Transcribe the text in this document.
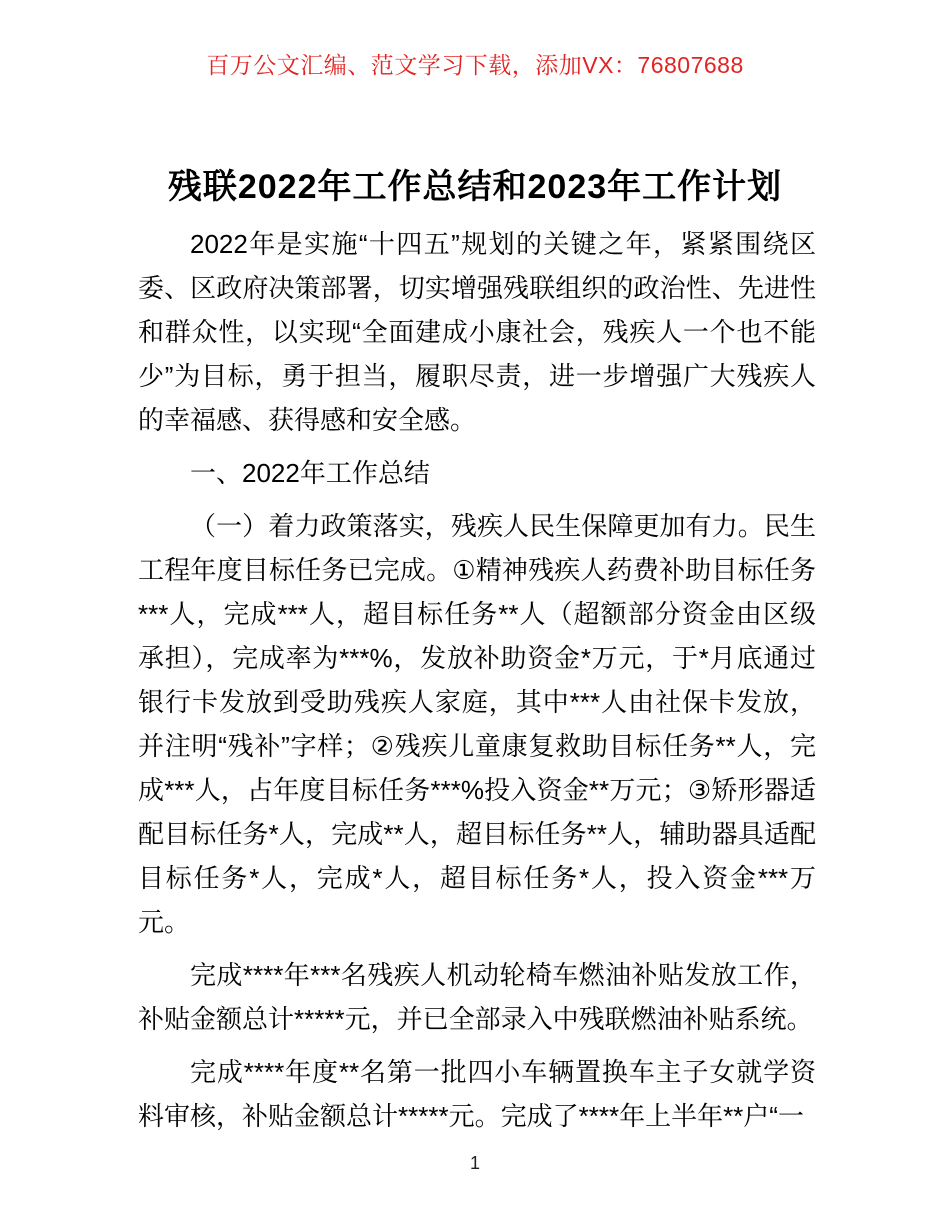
百万公文汇编、范文学习下载，添加VX：76807688
残联2022年工作总结和2023年工作计划

2022年是实施“十四五”规划的关键之年，紧紧围绕区委、区政府决策部署，切实增强残联组织的政治性、先进性和群众性，以实现“全面建成小康社会，残疾人一个也不能少”为目标，勇于担当，履职尽责，进一步增强广大残疾人的幸福感、获得感和安全感。

一、2022年工作总结

（一）着力政策落实，残疾人民生保障更加有力。民生工程年度目标任务已完成。①精神残疾人药费补助目标任务***人，完成***人，超目标任务**人（超额部分资金由区级承担），完成率为***%，发放补助资金*万元，于*月底通过银行卡发放到受助残疾人家庭，其中***人由社保卡发放，并注明“残补”字样；②残疾儿童康复救助目标任务**人，完成***人，占年度目标任务***%投入资金**万元；③矫形器适配目标任务*人，完成**人，超目标任务**人，辅助器具适配目标任务*人，完成*人，超目标任务*人，投入资金***万元。

完成****年***名残疾人机动轮椅车燃油补贴发放工作，补贴金额总计*****元，并已全部录入中残联燃油补贴系统。

完成****年度**名第一批四小车辆置换车主子女就学资料审核，补贴金额总计*****元。完成了****年上半年**户“一

1
